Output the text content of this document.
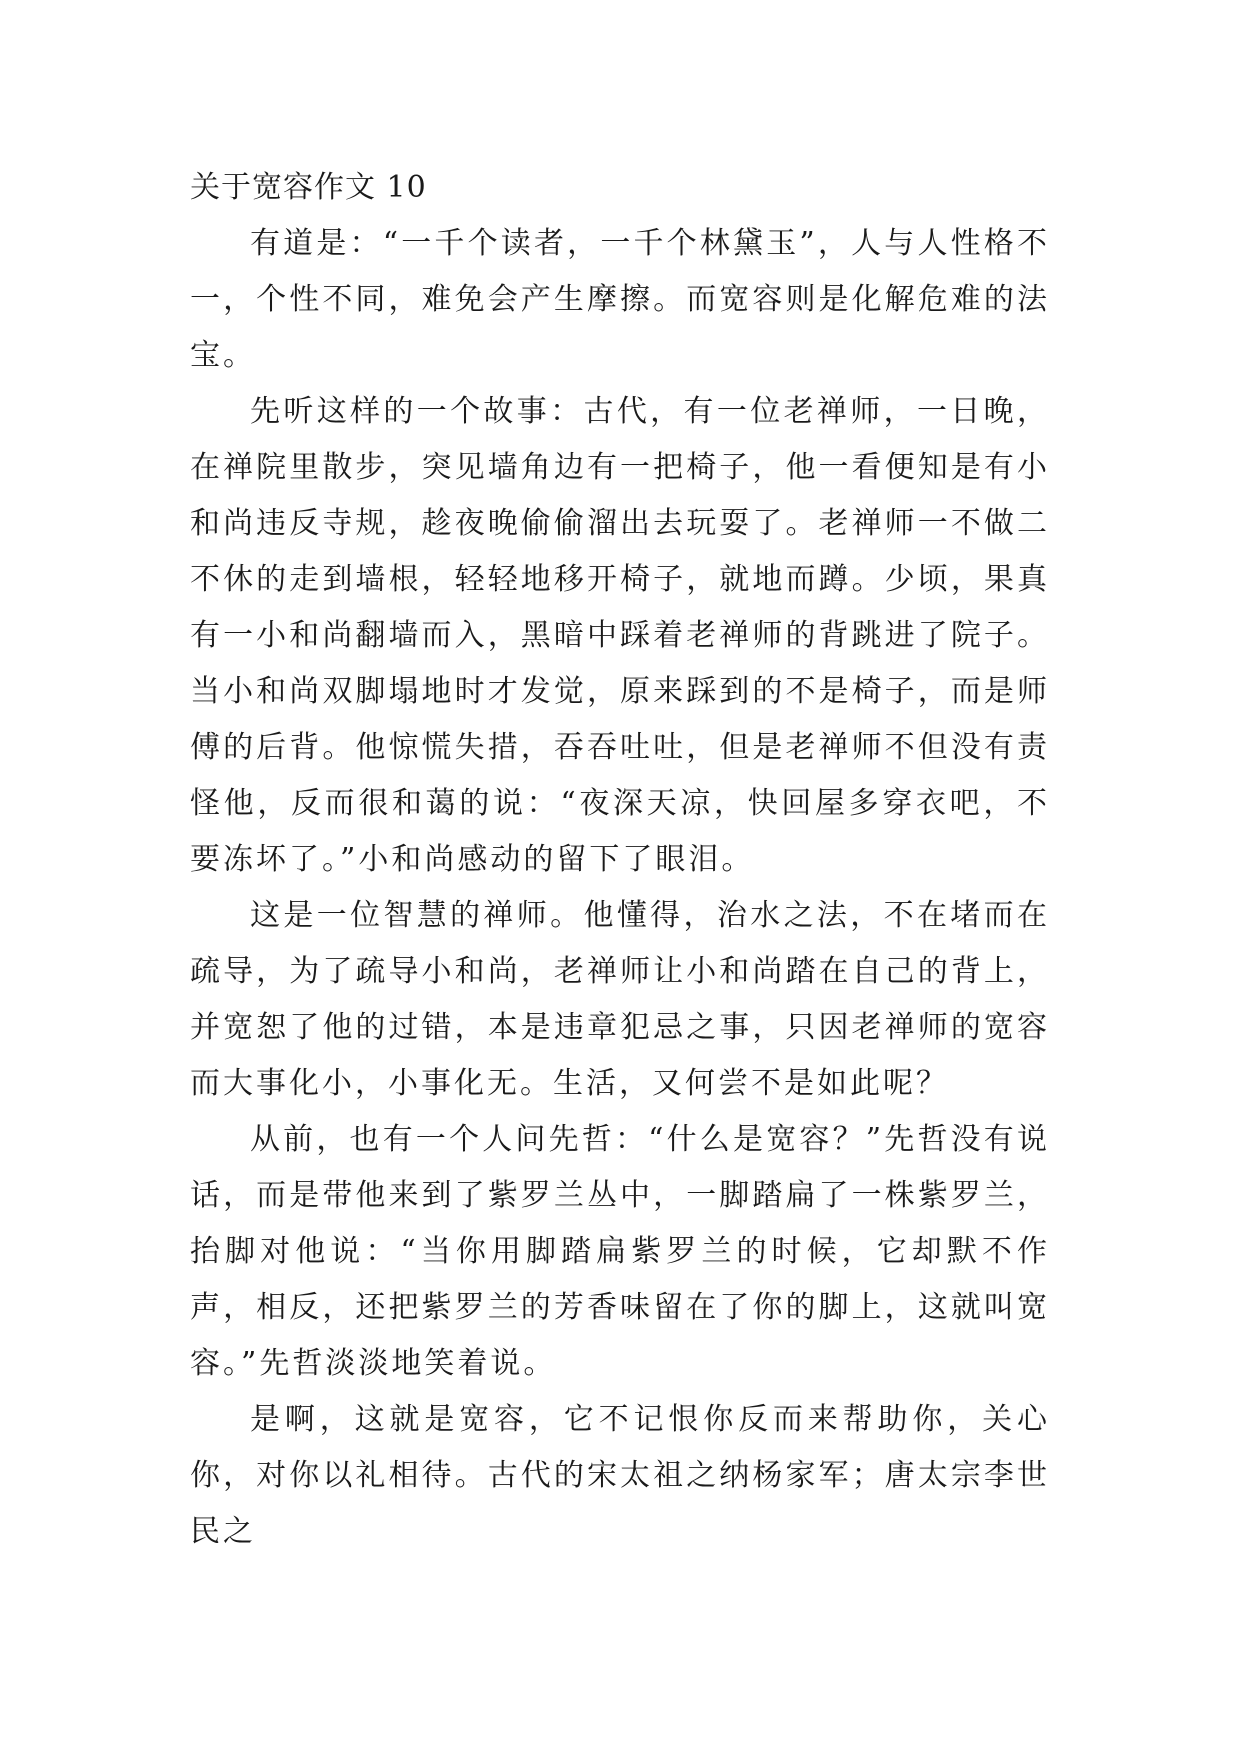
关于宽容作文 10

有道是：“一千个读者，一千个林黛玉”，人与人性格不一，个性不同，难免会产生摩擦。而宽容则是化解危难的法宝。

先听这样的一个故事：古代，有一位老禅师，一日晚，在禅院里散步，突见墙角边有一把椅子，他一看便知是有小和尚违反寺规，趁夜晚偷偷溜出去玩耍了。老禅师一不做二不休的走到墙根，轻轻地移开椅子，就地而蹲。少顷，果真有一小和尚翻墙而入，黑暗中踩着老禅师的背跳进了院子。当小和尚双脚塌地时才发觉，原来踩到的不是椅子，而是师傅的后背。他惊慌失措，吞吞吐吐，但是老禅师不但没有责怪他，反而很和蔼的说：“夜深天凉，快回屋多穿衣吧，不要冻坏了。”小和尚感动的留下了眼泪。

这是一位智慧的禅师。他懂得，治水之法，不在堵而在疏导，为了疏导小和尚，老禅师让小和尚踏在自己的背上，并宽恕了他的过错，本是违章犯忌之事，只因老禅师的宽容而大事化小，小事化无。生活，又何尝不是如此呢？

从前，也有一个人问先哲：“什么是宽容？”先哲没有说话，而是带他来到了紫罗兰丛中，一脚踏扁了一株紫罗兰，抬脚对他说：“当你用脚踏扁紫罗兰的时候，它却默不作声，相反，还把紫罗兰的芳香味留在了你的脚上，这就叫宽容。”先哲淡淡地笑着说。

是啊，这就是宽容，它不记恨你反而来帮助你，关心你，对你以礼相待。古代的宋太祖之纳杨家军；唐太宗李世民之
